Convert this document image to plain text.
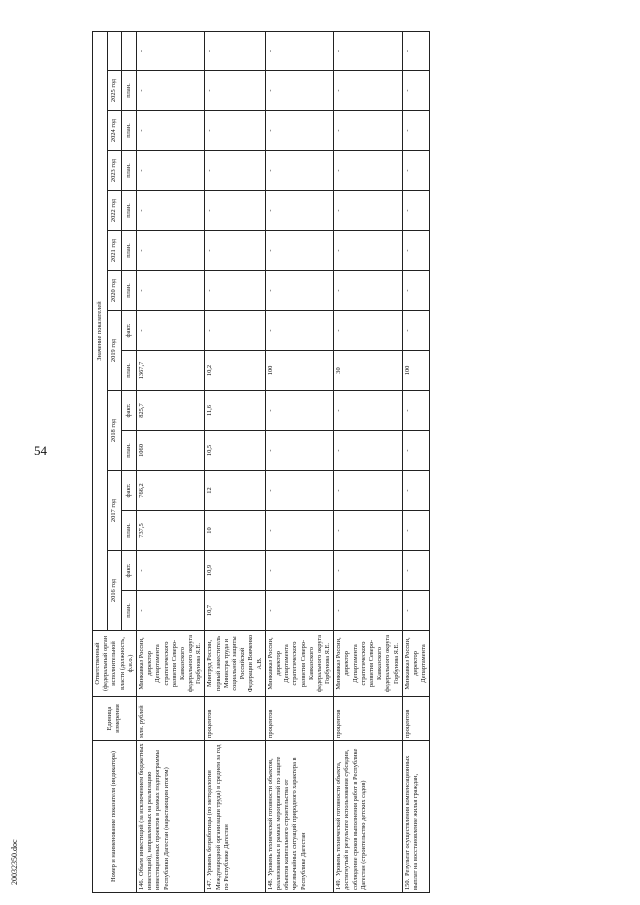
54
Номер и наименование показателя (индикатора)	Единица измерения	Ответственный (федеральный орган исполнительной власти (должность, ф.и.о.)	Значение показателей														
			2016 год		2017 год		2018 год		2019 год		2020 год	2021 год	2022 год	2023 год	2024 год	2025 год	
			план.	факт.	план.	факт.	план.	факт.	план.	факт.	план.	план.	план.	план.	план.	план.	
146.Объем инвестиций (за исключением бюджетных инвестиций), направленных на реализацию инвестиционных проектов в рамках подпрограммы Республики Дагестан (нарастающим итогом)	млн. рублей	Минкавказ России, директор Департамента стратегического развития Северо-Кавказского федерального округа Горбунова Я.Е.	-	-	737,5	766,2	1060	825,7	1367,7	-	-	-	-	-	-	-	-
147.Уровень безработицы (по методологии Международной организации труда) в среднем за год по Республике Дагестан	процентов	Минтруд России, первый заместитель Министра труда и социальной защиты Российской Федерации Вовченко А.В.	10,7	10,9	10	12	10,5	11,6	10,2	-	-	-	-	-	-	-	-
148.Уровень технической готовности объектов, реализованных в рамках мероприятий по защите объектов капитального строительства от чрезвычайных ситуаций природного характера в Республике Дагестан	процентов	Минкавказ России, директор Департамента стратегического развития Северо-Кавказского федерального округа Горбунова Я.Е.	-	-	-	-	-	-	100	-	-	-	-	-	-	-	-
149.Уровень технической готовности объекта, достигнутый в результате использования субсидии, соблюдение сроков выполнения работ в Республике Дагестан (строительство детских садов)	процентов	Минкавказ России, директор Департамента стратегического развития Северо-Кавказского федерального округа Горбунова Я.Е.	-	-	-	-	-	-	30	-	-	-	-	-	-	-	-
150.Результат осуществления компенсационных выплат на восстановление жилья граждан,	процентов	Минкавказ России, директор Департамента	-	-	-	-	-	-	100	-	-	-	-	-	-	-	-
20032350.doc
